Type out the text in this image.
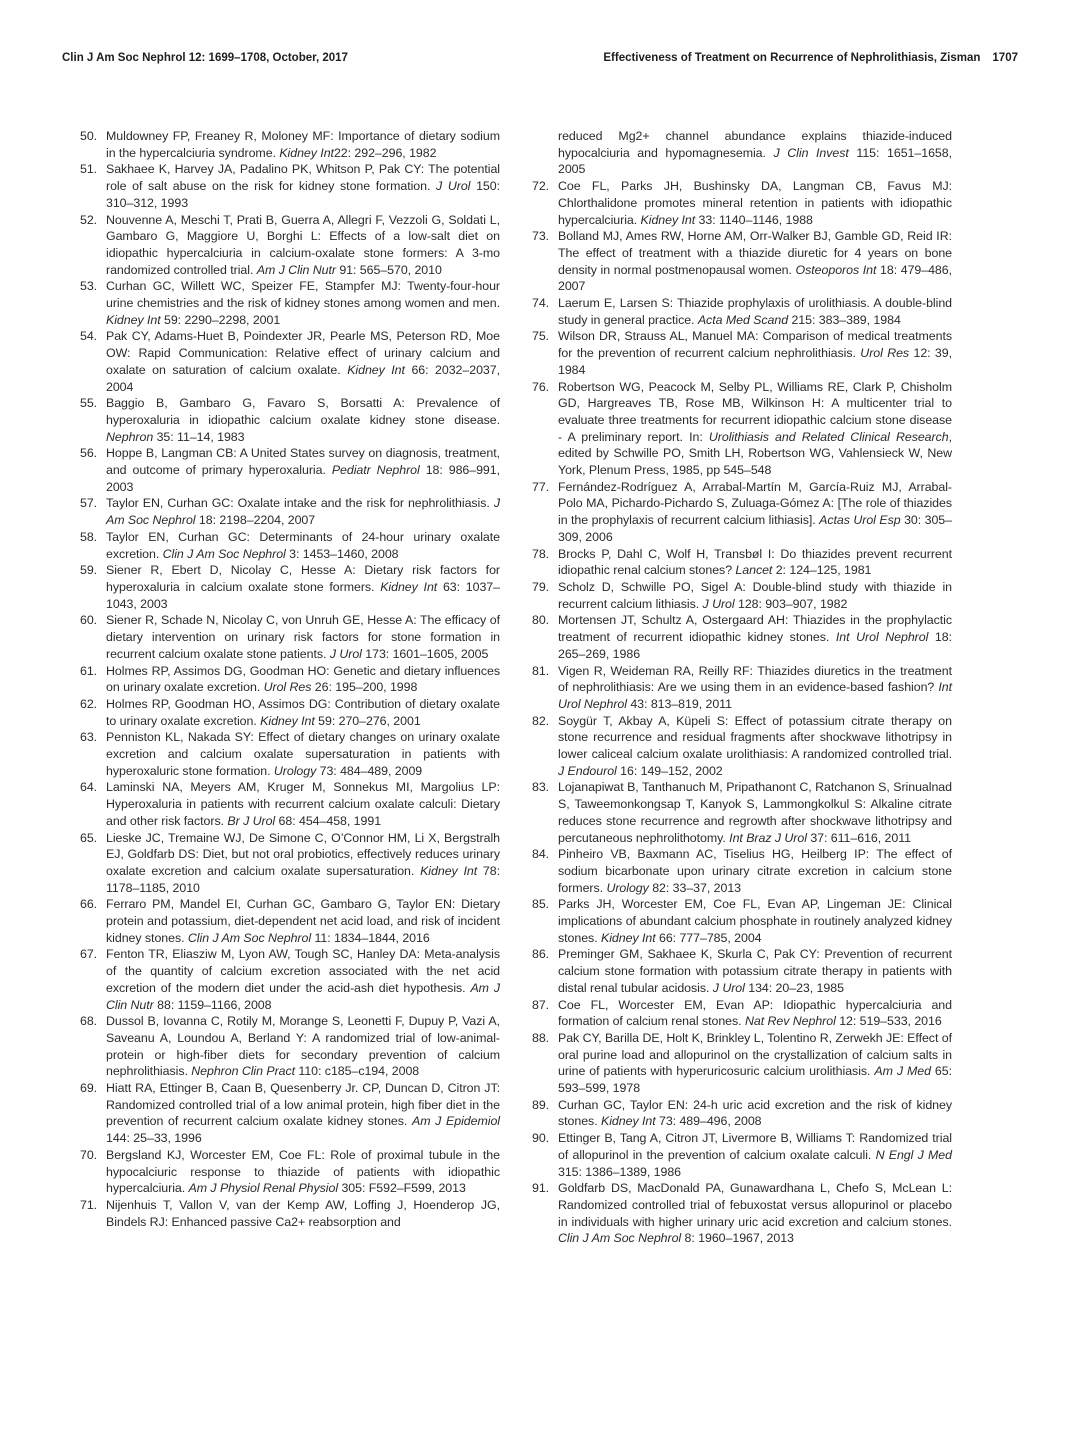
Clin J Am Soc Nephrol 12: 1699–1708, October, 2017	Effectiveness of Treatment on Recurrence of Nephrolithiasis, Zisman 1707
50. Muldowney FP, Freaney R, Moloney MF: Importance of dietary sodium in the hypercalciuria syndrome. Kidney Int22: 292–296, 1982
51. Sakhaee K, Harvey JA, Padalino PK, Whitson P, Pak CY: The potential role of salt abuse on the risk for kidney stone formation. J Urol 150: 310–312, 1993
52. Nouvenne A, Meschi T, Prati B, Guerra A, Allegri F, Vezzoli G, Soldati L, Gambaro G, Maggiore U, Borghi L: Effects of a low-salt diet on idiopathic hypercalciuria in calcium-oxalate stone formers: A 3-mo randomized controlled trial. Am J Clin Nutr 91: 565–570, 2010
53. Curhan GC, Willett WC, Speizer FE, Stampfer MJ: Twenty-four-hour urine chemistries and the risk of kidney stones among women and men. Kidney Int 59: 2290–2298, 2001
54. Pak CY, Adams-Huet B, Poindexter JR, Pearle MS, Peterson RD, Moe OW: Rapid Communication: Relative effect of urinary calcium and oxalate on saturation of calcium oxalate. Kidney Int 66: 2032–2037, 2004
55. Baggio B, Gambaro G, Favaro S, Borsatti A: Prevalence of hyperoxaluria in idiopathic calcium oxalate kidney stone disease. Nephron 35: 11–14, 1983
56. Hoppe B, Langman CB: A United States survey on diagnosis, treatment, and outcome of primary hyperoxaluria. Pediatr Nephrol 18: 986–991, 2003
57. Taylor EN, Curhan GC: Oxalate intake and the risk for nephrolithiasis. J Am Soc Nephrol 18: 2198–2204, 2007
58. Taylor EN, Curhan GC: Determinants of 24-hour urinary oxalate excretion. Clin J Am Soc Nephrol 3: 1453–1460, 2008
59. Siener R, Ebert D, Nicolay C, Hesse A: Dietary risk factors for hyperoxaluria in calcium oxalate stone formers. Kidney Int 63: 1037–1043, 2003
60. Siener R, Schade N, Nicolay C, von Unruh GE, Hesse A: The efficacy of dietary intervention on urinary risk factors for stone formation in recurrent calcium oxalate stone patients. J Urol 173: 1601–1605, 2005
61. Holmes RP, Assimos DG, Goodman HO: Genetic and dietary influences on urinary oxalate excretion. Urol Res 26: 195–200, 1998
62. Holmes RP, Goodman HO, Assimos DG: Contribution of dietary oxalate to urinary oxalate excretion. Kidney Int 59: 270–276, 2001
63. Penniston KL, Nakada SY: Effect of dietary changes on urinary oxalate excretion and calcium oxalate supersaturation in patients with hyperoxaluric stone formation. Urology 73: 484–489, 2009
64. Laminski NA, Meyers AM, Kruger M, Sonnekus MI, Margolius LP: Hyperoxaluria in patients with recurrent calcium oxalate calculi: Dietary and other risk factors. Br J Urol 68: 454–458, 1991
65. Lieske JC, Tremaine WJ, De Simone C, O’Connor HM, Li X, Bergstralh EJ, Goldfarb DS: Diet, but not oral probiotics, effectively reduces urinary oxalate excretion and calcium oxalate supersaturation. Kidney Int 78: 1178–1185, 2010
66. Ferraro PM, Mandel EI, Curhan GC, Gambaro G, Taylor EN: Dietary protein and potassium, diet-dependent net acid load, and risk of incident kidney stones. Clin J Am Soc Nephrol 11: 1834–1844, 2016
67. Fenton TR, Eliasziw M, Lyon AW, Tough SC, Hanley DA: Meta-analysis of the quantity of calcium excretion associated with the net acid excretion of the modern diet under the acid-ash diet hypothesis. Am J Clin Nutr 88: 1159–1166, 2008
68. Dussol B, Iovanna C, Rotily M, Morange S, Leonetti F, Dupuy P, Vazi A, Saveanu A, Loundou A, Berland Y: A randomized trial of low-animal-protein or high-fiber diets for secondary prevention of calcium nephrolithiasis. Nephron Clin Pract 110: c185–c194, 2008
69. Hiatt RA, Ettinger B, Caan B, Quesenberry Jr. CP, Duncan D, Citron JT: Randomized controlled trial of a low animal protein, high fiber diet in the prevention of recurrent calcium oxalate kidney stones. Am J Epidemiol 144: 25–33, 1996
70. Bergsland KJ, Worcester EM, Coe FL: Role of proximal tubule in the hypocalciuric response to thiazide of patients with idiopathic hypercalciuria. Am J Physiol Renal Physiol 305: F592–F599, 2013
71. Nijenhuis T, Vallon V, van der Kemp AW, Loffing J, Hoenderop JG, Bindels RJ: Enhanced passive Ca2+ reabsorption and
reduced Mg2+ channel abundance explains thiazide-induced hypocalciuria and hypomagnesemia. J Clin Invest 115: 1651–1658, 2005
72. Coe FL, Parks JH, Bushinsky DA, Langman CB, Favus MJ: Chlorthalidone promotes mineral retention in patients with idiopathic hypercalciuria. Kidney Int 33: 1140–1146, 1988
73. Bolland MJ, Ames RW, Horne AM, Orr-Walker BJ, Gamble GD, Reid IR: The effect of treatment with a thiazide diuretic for 4 years on bone density in normal postmenopausal women. Osteoporos Int 18: 479–486, 2007
74. Laerum E, Larsen S: Thiazide prophylaxis of urolithiasis. A double-blind study in general practice. Acta Med Scand 215: 383–389, 1984
75. Wilson DR, Strauss AL, Manuel MA: Comparison of medical treatments for the prevention of recurrent calcium nephrolithiasis. Urol Res 12: 39, 1984
76. Robertson WG, Peacock M, Selby PL, Williams RE, Clark P, Chisholm GD, Hargreaves TB, Rose MB, Wilkinson H: A multicenter trial to evaluate three treatments for recurrent idiopathic calcium stone disease - A preliminary report. In: Urolithiasis and Related Clinical Research, edited by Schwille PO, Smith LH, Robertson WG, Vahlensieck W, New York, Plenum Press, 1985, pp 545–548
77. Fernández-Rodríguez A, Arrabal-Martín M, García-Ruiz MJ, Arrabal-Polo MA, Pichardo-Pichardo S, Zuluaga-Gómez A: [The role of thiazides in the prophylaxis of recurrent calcium lithiasis]. Actas Urol Esp 30: 305–309, 2006
78. Brocks P, Dahl C, Wolf H, Transbøl I: Do thiazides prevent recurrent idiopathic renal calcium stones? Lancet 2: 124–125, 1981
79. Scholz D, Schwille PO, Sigel A: Double-blind study with thiazide in recurrent calcium lithiasis. J Urol 128: 903–907, 1982
80. Mortensen JT, Schultz A, Ostergaard AH: Thiazides in the prophylactic treatment of recurrent idiopathic kidney stones. Int Urol Nephrol 18: 265–269, 1986
81. Vigen R, Weideman RA, Reilly RF: Thiazides diuretics in the treatment of nephrolithiasis: Are we using them in an evidence-based fashion? Int Urol Nephrol 43: 813–819, 2011
82. Soygür T, Akbay A, Küpeli S: Effect of potassium citrate therapy on stone recurrence and residual fragments after shockwave lithotripsy in lower caliceal calcium oxalate urolithiasis: A randomized controlled trial. J Endourol 16: 149–152, 2002
83. Lojanapiwat B, Tanthanuch M, Pripathanont C, Ratchanon S, Srinualnad S, Taweemonkongsap T, Kanyok S, Lammongkolkul S: Alkaline citrate reduces stone recurrence and regrowth after shockwave lithotripsy and percutaneous nephrolithotomy. Int Braz J Urol 37: 611–616, 2011
84. Pinheiro VB, Baxmann AC, Tiselius HG, Heilberg IP: The effect of sodium bicarbonate upon urinary citrate excretion in calcium stone formers. Urology 82: 33–37, 2013
85. Parks JH, Worcester EM, Coe FL, Evan AP, Lingeman JE: Clinical implications of abundant calcium phosphate in routinely analyzed kidney stones. Kidney Int 66: 777–785, 2004
86. Preminger GM, Sakhaee K, Skurla C, Pak CY: Prevention of recurrent calcium stone formation with potassium citrate therapy in patients with distal renal tubular acidosis. J Urol 134: 20–23, 1985
87. Coe FL, Worcester EM, Evan AP: Idiopathic hypercalciuria and formation of calcium renal stones. Nat Rev Nephrol 12: 519–533, 2016
88. Pak CY, Barilla DE, Holt K, Brinkley L, Tolentino R, Zerwekh JE: Effect of oral purine load and allopurinol on the crystallization of calcium salts in urine of patients with hyperuricosuric calcium urolithiasis. Am J Med 65: 593–599, 1978
89. Curhan GC, Taylor EN: 24-h uric acid excretion and the risk of kidney stones. Kidney Int 73: 489–496, 2008
90. Ettinger B, Tang A, Citron JT, Livermore B, Williams T: Randomized trial of allopurinol in the prevention of calcium oxalate calculi. N Engl J Med 315: 1386–1389, 1986
91. Goldfarb DS, MacDonald PA, Gunawardhana L, Chefo S, McLean L: Randomized controlled trial of febuxostat versus allopurinol or placebo in individuals with higher urinary uric acid excretion and calcium stones. Clin J Am Soc Nephrol 8: 1960–1967, 2013
